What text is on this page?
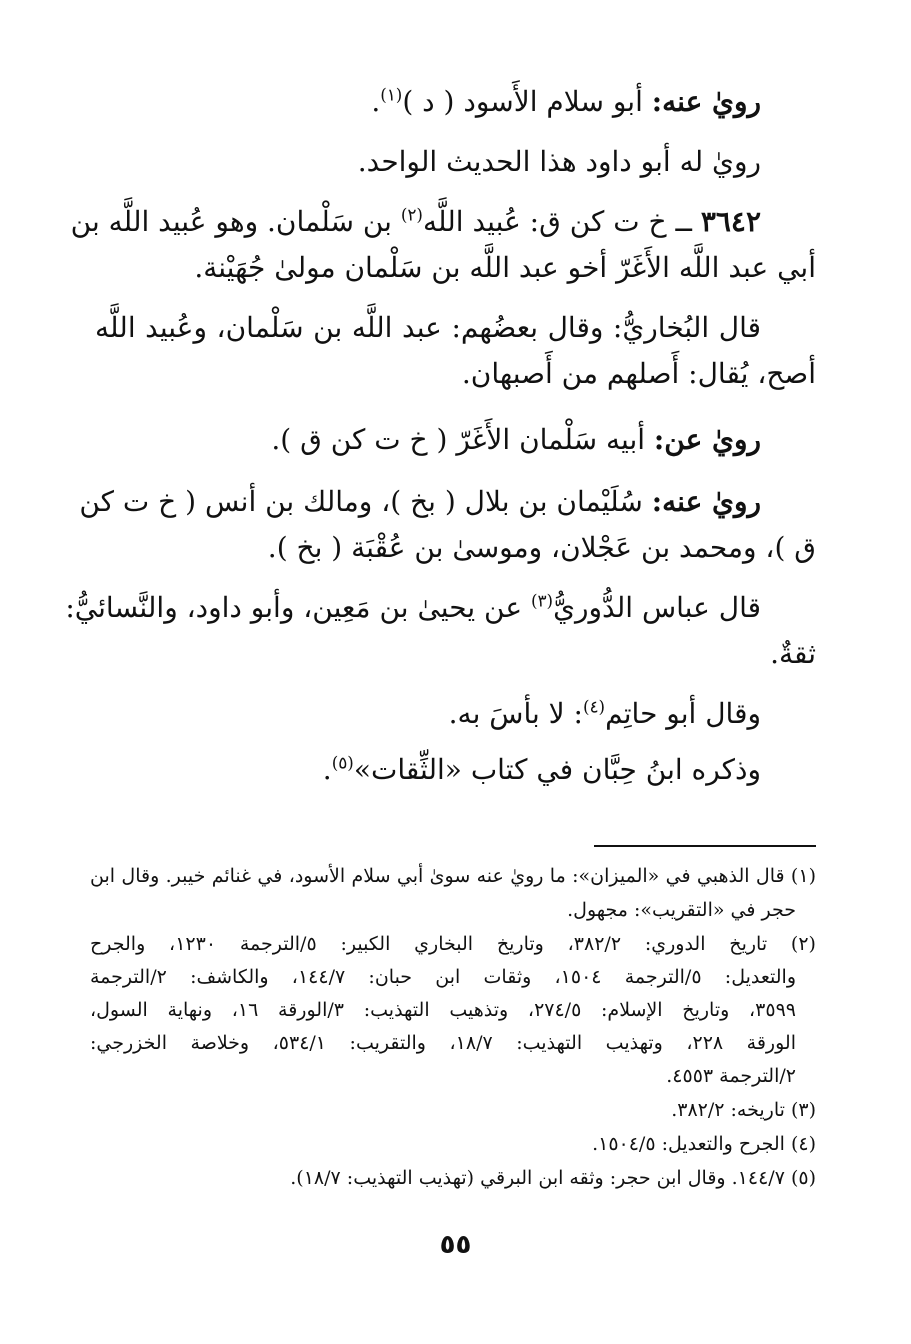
رويٰ عنه: أبو سلام الأَسود ( د )$^{(١)}$.
رويٰ له أبو داود هذا الحديث الواحد.
٣٦٤٢ ــ خ ت كن ق: عُبيد اللَّه$^{(٢)}$ بن سَلْمان. وهو عُبيد اللَّه بن
أبي عبد اللَّه الأَغَرّ أخو عبد اللَّه بن سَلْمان مولىٰ جُهَيْنة.
قال البُخاريُّ: وقال بعضُهم: عبد اللَّه بن سَلْمان، وعُبيد اللَّه
أصح، يُقال: أَصلهم من أَصبهان.
رويٰ عن: أبيه سَلْمان الأَغَرّ ( خ ت كن ق ).
رويٰ عنه: سُلَيْمان بن بلال ( بخ )، ومالك بن أنس ( خ ت كن
ق )، ومحمد بن عَجْلان، وموسىٰ بن عُقْبَة ( بخ ).
قال عباس الدُّوريُّ$^{(٣)}$ عن يحيىٰ بن مَعِين، وأبو داود، والنَّسائيُّ:
ثقةٌ.
وقال أبو حاتِم$^{(٤)}$: لا بأسَ به.
وذكره ابنُ حِبَّان في كتاب «الثِّقات»$^{(٥)}$.
(١) قال الذهبي في «الميزان»: ما رويٰ عنه سوىٰ أبي سلام الأسود، في غنائم خيبر. وقال ابن
حجر في «التقريب»: مجهول.
(٢) تاريخ الدوري: ٣٨٢/٢، وتاريخ البخاري الكبير: ٥/الترجمة ١٢٣٠، والجرح
والتعديل: ٥/الترجمة ١٥٠٤، وثقات ابن حبان: ١٤٤/٧، والكاشف: ٢/الترجمة
٣٥٩٩، وتاريخ الإسلام: ٢٧٤/٥، وتذهيب التهذيب: ٣/الورقة ١٦، ونهاية السول،
الورقة ٢٢٨، وتهذيب التهذيب: ١٨/٧، والتقريب: ٥٣٤/١، وخلاصة الخزرجي:
٢/الترجمة ٤٥٥٣.
(٣) تاريخه: ٣٨٢/٢.
(٤) الجرح والتعديل: ١٥٠٤/٥.
(٥) ١٤٤/٧. وقال ابن حجر: وثقه ابن البرقي (تهذيب التهذيب: ١٨/٧).
٥٥
